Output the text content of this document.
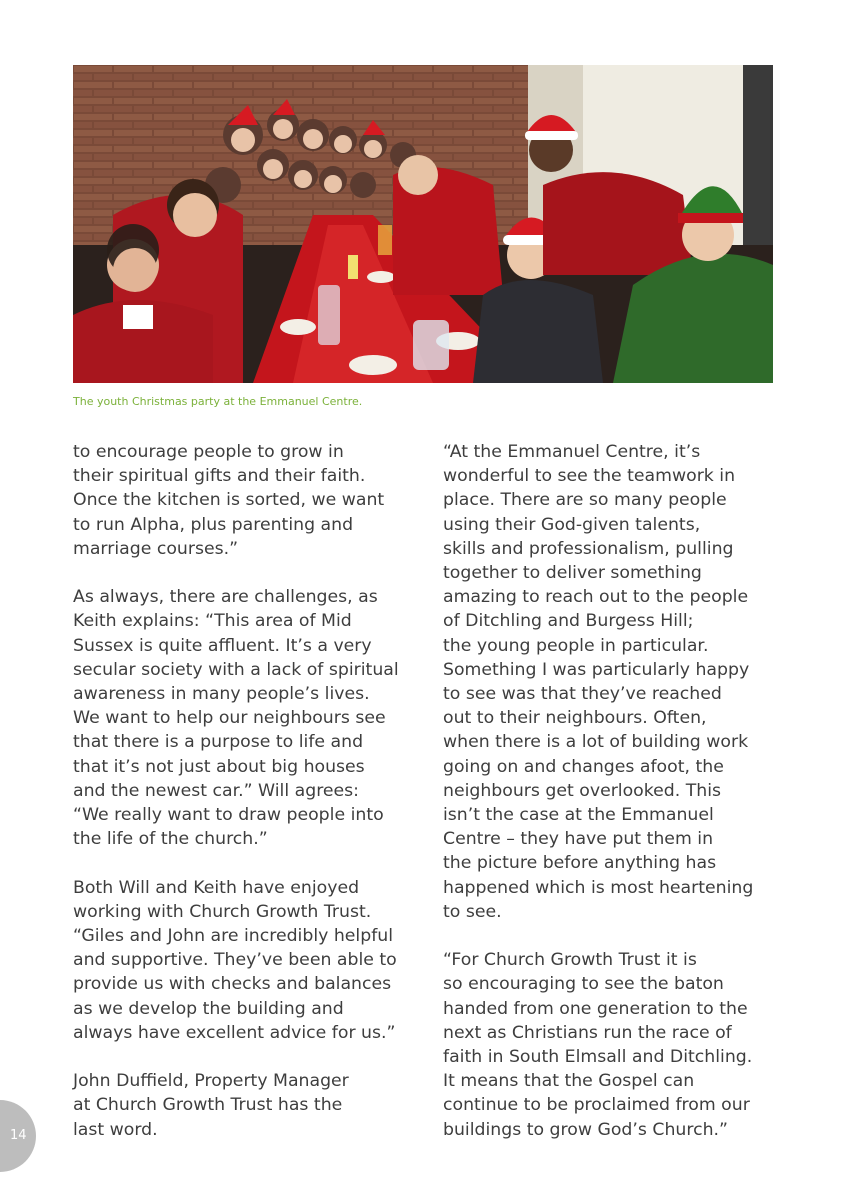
The youth Christmas party at the Emmanuel Centre.

to encourage people to grow in
their spiritual gifts and their faith.
Once the kitchen is sorted, we want
to run Alpha, plus parenting and
marriage courses.”

As always, there are challenges, as
Keith explains: “This area of Mid
Sussex is quite affluent. It’s a very
secular society with a lack of spiritual
awareness in many people’s lives.
We want to help our neighbours see
that there is a purpose to life and
that it’s not just about big houses
and the newest car.” Will agrees:
“We really want to draw people into
the life of the church.”

Both Will and Keith have enjoyed
working with Church Growth Trust.
“Giles and John are incredibly helpful
and supportive. They’ve been able to
provide us with checks and balances
as we develop the building and
always have excellent advice for us.”

John Duffield, Property Manager
at Church Growth Trust has the
last word.

“At the Emmanuel Centre, it’s
wonderful to see the teamwork in
place. There are so many people
using their God-given talents,
skills and professionalism, pulling
together to deliver something
amazing to reach out to the people
of Ditchling and Burgess Hill;
the young people in particular.
Something I was particularly happy
to see was that they’ve reached
out to their neighbours. Often,
when there is a lot of building work
going on and changes afoot, the
neighbours get overlooked. This
isn’t the case at the Emmanuel
Centre – they have put them in
the picture before anything has
happened which is most heartening
to see.

“For Church Growth Trust it is
so encouraging to see the baton
handed from one generation to the
next as Christians run the race of
faith in South Elmsall and Ditchling.
It means that the Gospel can
continue to be proclaimed from our
buildings to grow God’s Church.”

14
